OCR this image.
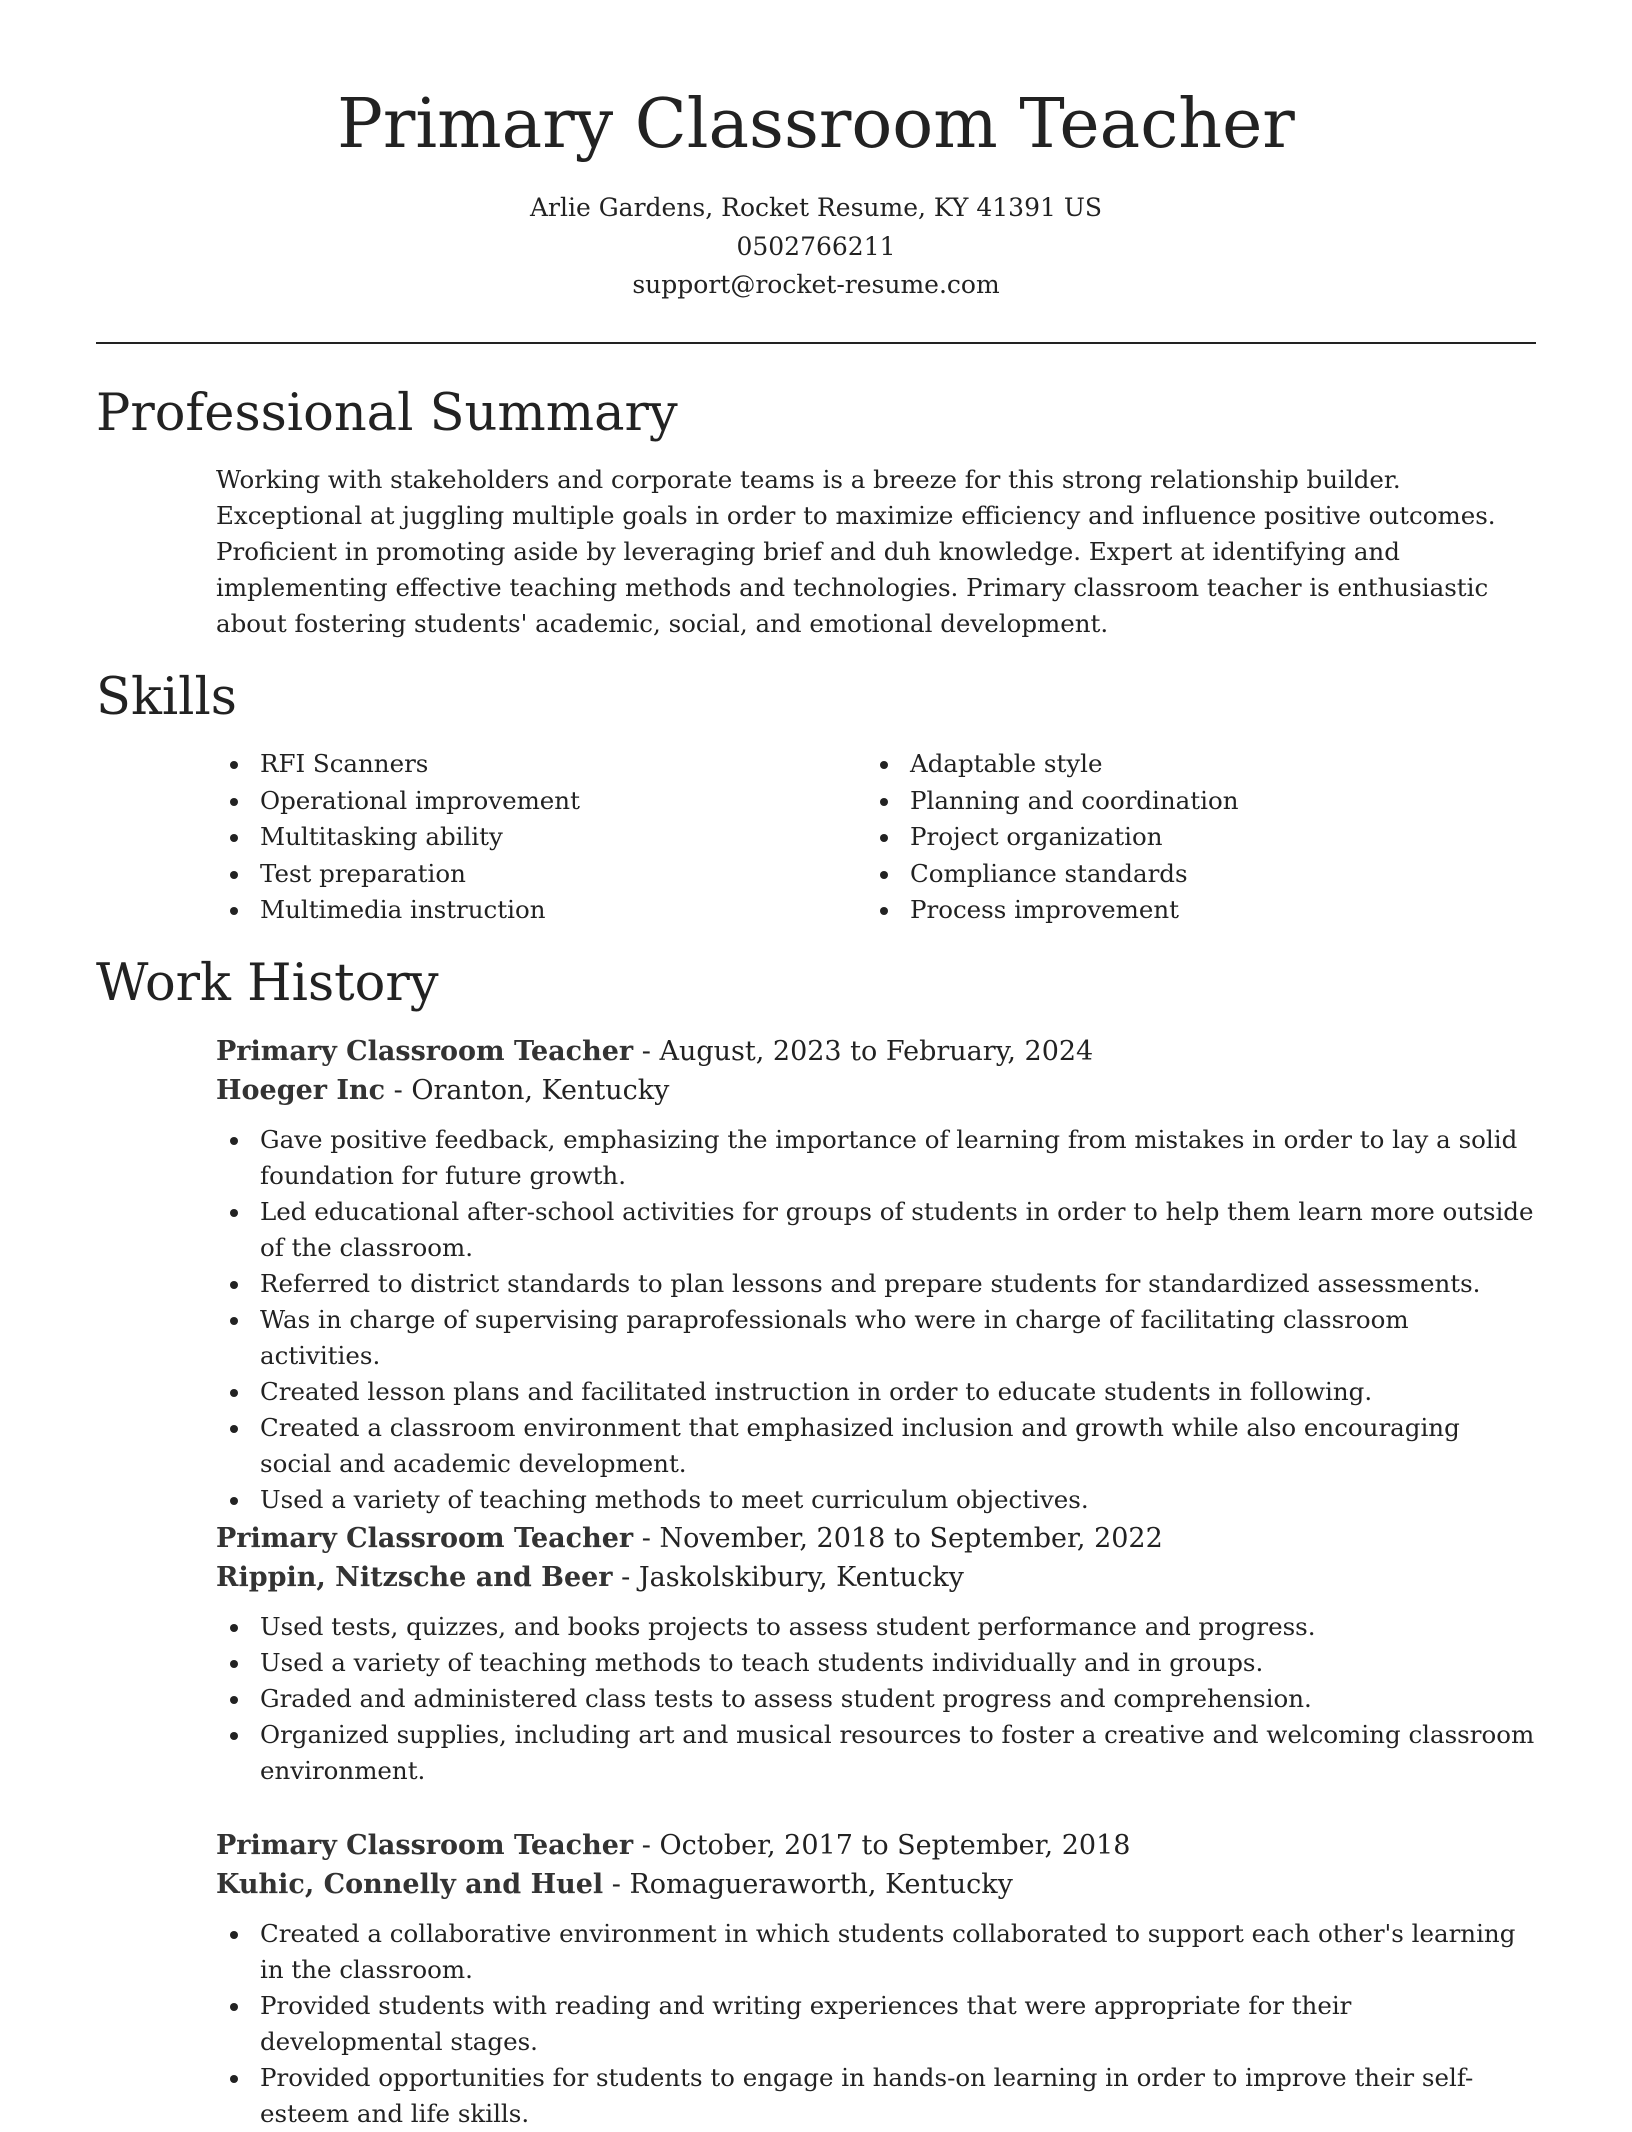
Primary Classroom Teacher
Arlie Gardens, Rocket Resume, KY 41391 US
0502766211
support@rocket-resume.com
Professional Summary

Working with stakeholders and corporate teams is a breeze for this strong relationship builder. Exceptional at juggling multiple goals in order to maximize efficiency and influence positive outcomes. Proficient in promoting aside by leveraging brief and duh knowledge. Expert at identifying and implementing effective teaching methods and technologies. Primary classroom teacher is enthusiastic about fostering students' academic, social, and emotional development.

Skills
RFI Scanners
Operational improvement
Multitasking ability
Test preparation
Multimedia instruction
Adaptable style
Planning and coordination
Project organization
Compliance standards
Process improvement
Work History
Primary Classroom Teacher - August, 2023 to February, 2024
Hoeger Inc - Oranton, Kentucky
Gave positive feedback, emphasizing the importance of learning from mistakes in order to lay a solid foundation for future growth.
Led educational after-school activities for groups of students in order to help them learn more outside of the classroom.
Referred to district standards to plan lessons and prepare students for standardized assessments.
Was in charge of supervising paraprofessionals who were in charge of facilitating classroom activities.
Created lesson plans and facilitated instruction in order to educate students in following.
Created a classroom environment that emphasized inclusion and growth while also encouraging social and academic development.
Used a variety of teaching methods to meet curriculum objectives.
Primary Classroom Teacher - November, 2018 to September, 2022
Rippin, Nitzsche and Beer - Jaskolskibury, Kentucky
Used tests, quizzes, and books projects to assess student performance and progress.
Used a variety of teaching methods to teach students individually and in groups.
Graded and administered class tests to assess student progress and comprehension.
Organized supplies, including art and musical resources to foster a creative and welcoming classroom environment.
Primary Classroom Teacher - October, 2017 to September, 2018
Kuhic, Connelly and Huel - Romagueraworth, Kentucky
Created a collaborative environment in which students collaborated to support each other's learning in the classroom.
Provided students with reading and writing experiences that were appropriate for their developmental stages.
Provided opportunities for students to engage in hands-on learning in order to improve their self-esteem and life skills.
